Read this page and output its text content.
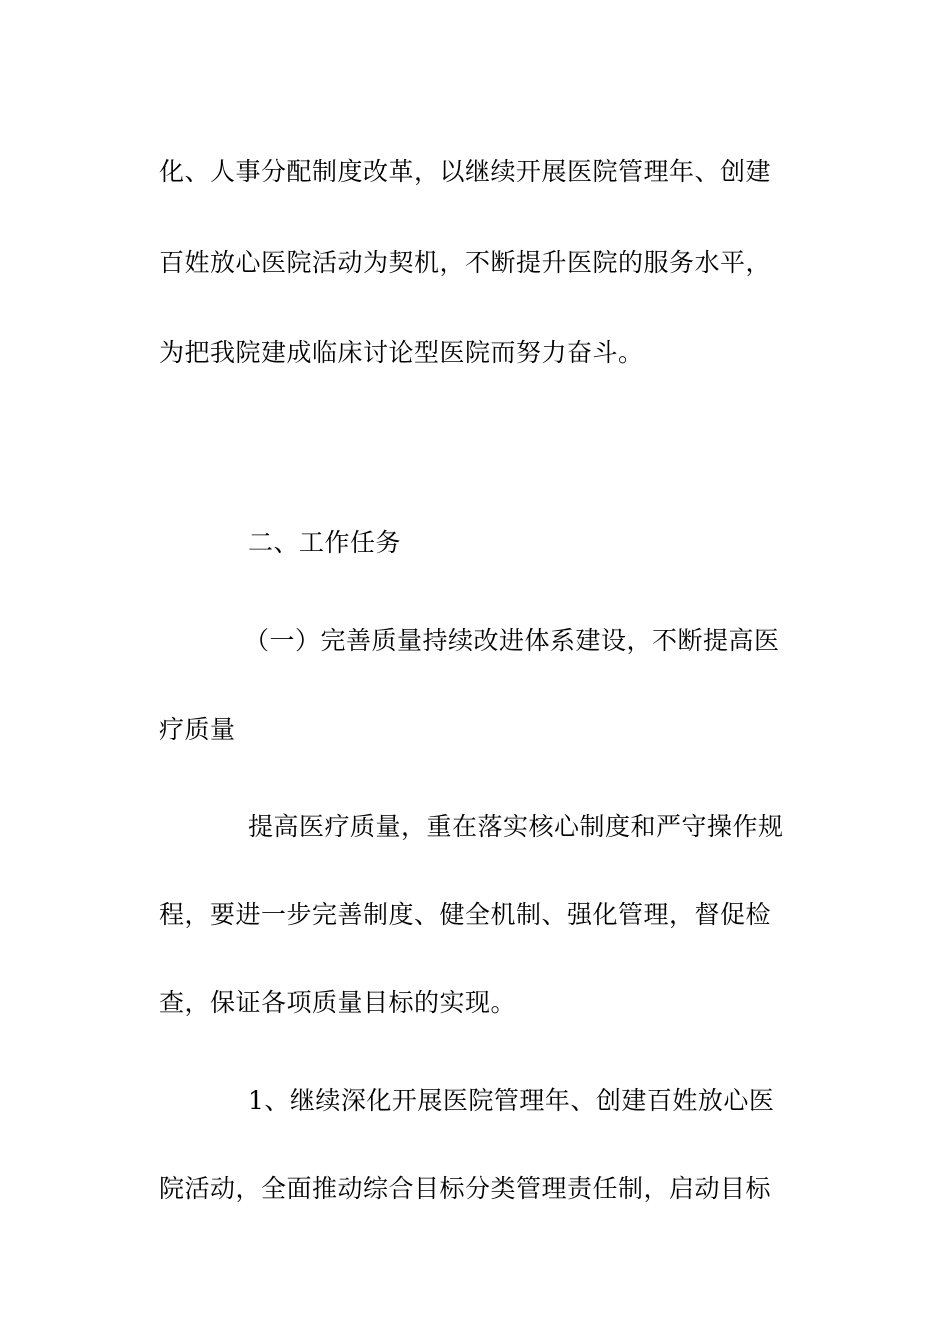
化、人事分配制度改革，以继续开展医院管理年、创建
百姓放心医院活动为契机，不断提升医院的服务水平，
为把我院建成临床讨论型医院而努力奋斗。
二、工作任务
（一）完善质量持续改进体系建设，不断提高医
疗质量
提高医疗质量，重在落实核心制度和严守操作规
程，要进一步完善制度、健全机制、强化管理，督促检
查，保证各项质量目标的实现。
1、继续深化开展医院管理年、创建百姓放心医
院活动，全面推动综合目标分类管理责任制，启动目标
